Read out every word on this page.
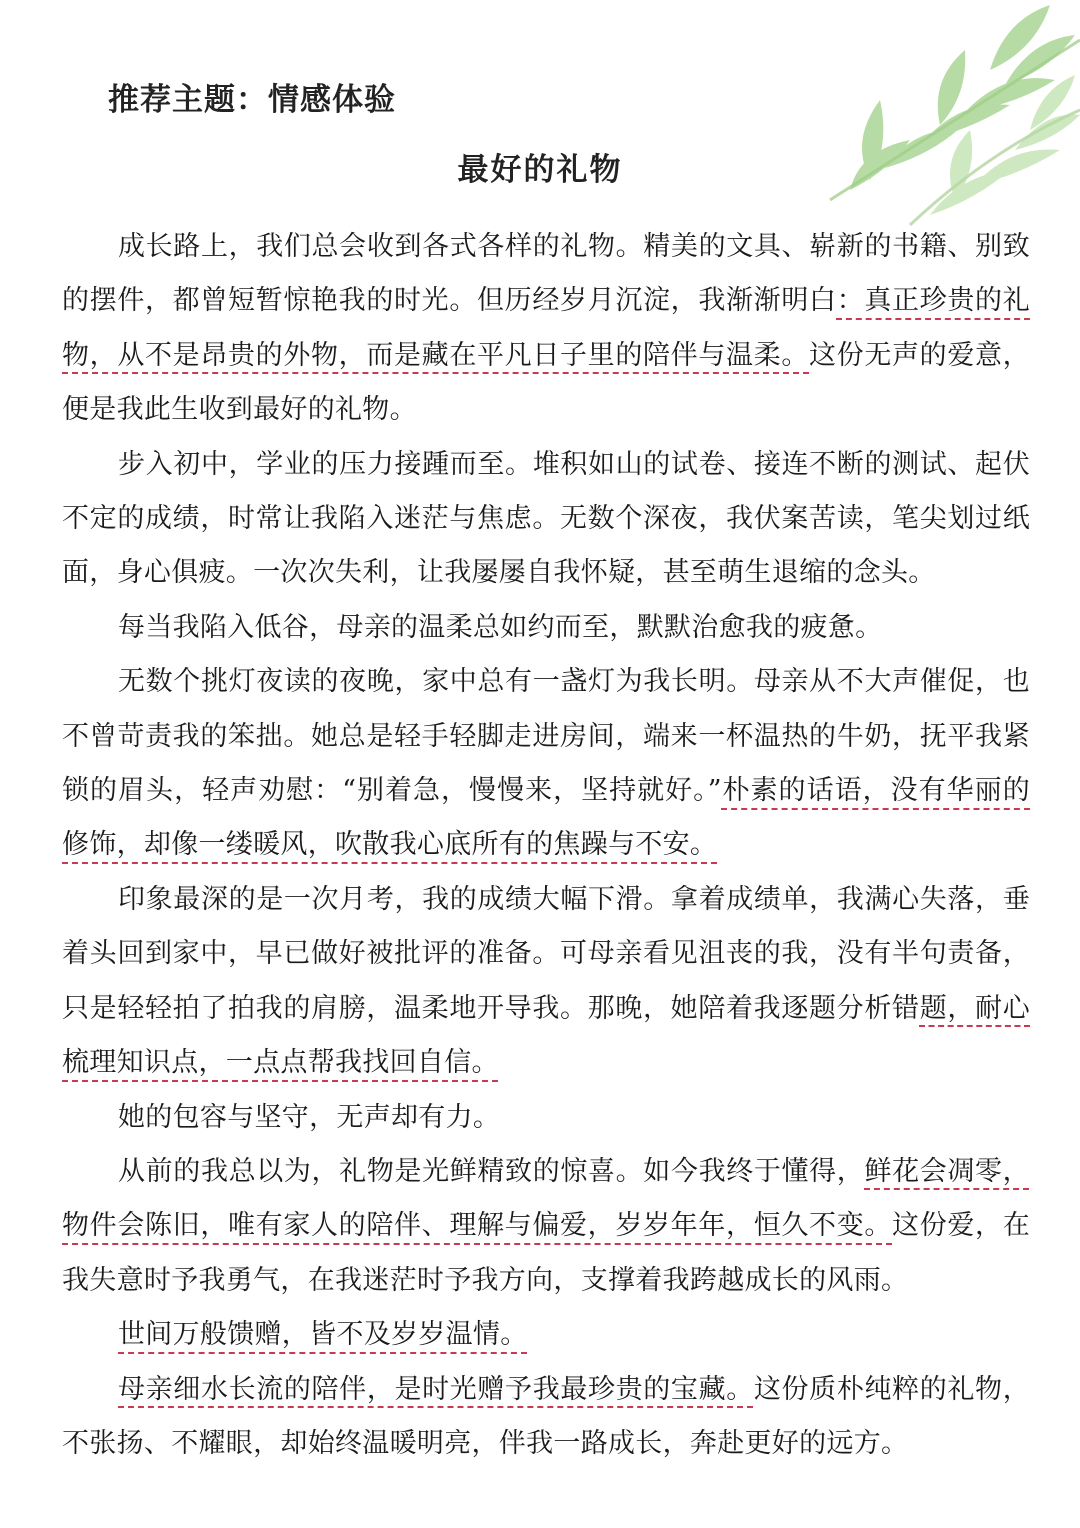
推荐主题：情感体验
最好的礼物

成长路上，我们总会收到各式各样的礼物。精美的文具、崭新的书籍、别致的摆件，都曾短暂惊艳我的时光。但历经岁月沉淀，我渐渐明白：真正珍贵的礼物，从不是昂贵的外物，而是藏在平凡日子里的陪伴与温柔。这份无声的爱意，便是我此生收到最好的礼物。

步入初中，学业的压力接踵而至。堆积如山的试卷、接连不断的测试、起伏不定的成绩，时常让我陷入迷茫与焦虑。无数个深夜，我伏案苦读，笔尖划过纸面，身心俱疲。一次次失利，让我屡屡自我怀疑，甚至萌生退缩的念头。

每当我陷入低谷，母亲的温柔总如约而至，默默治愈我的疲惫。

无数个挑灯夜读的夜晚，家中总有一盏灯为我长明。母亲从不大声催促，也不曾苛责我的笨拙。她总是轻手轻脚走进房间，端来一杯温热的牛奶，抚平我紧锁的眉头，轻声劝慰：“别着急，慢慢来，坚持就好。”朴素的话语，没有华丽的修饰，却像一缕暖风，吹散我心底所有的焦躁与不安。

印象最深的是一次月考，我的成绩大幅下滑。拿着成绩单，我满心失落，垂着头回到家中，早已做好被批评的准备。可母亲看见沮丧的我，没有半句责备，只是轻轻拍了拍我的肩膀，温柔地开导我。那晚，她陪着我逐题分析错题，耐心梳理知识点，一点点帮我找回自信。

她的包容与坚守，无声却有力。

从前的我总以为，礼物是光鲜精致的惊喜。如今我终于懂得，鲜花会凋零，物件会陈旧，唯有家人的陪伴、理解与偏爱，岁岁年年，恒久不变。这份爱，在我失意时予我勇气，在我迷茫时予我方向，支撑着我跨越成长的风雨。

世间万般馈赠，皆不及岁岁温情。

母亲细水长流的陪伴，是时光赠予我最珍贵的宝藏。这份质朴纯粹的礼物，不张扬、不耀眼，却始终温暖明亮，伴我一路成长，奔赴更好的远方。
